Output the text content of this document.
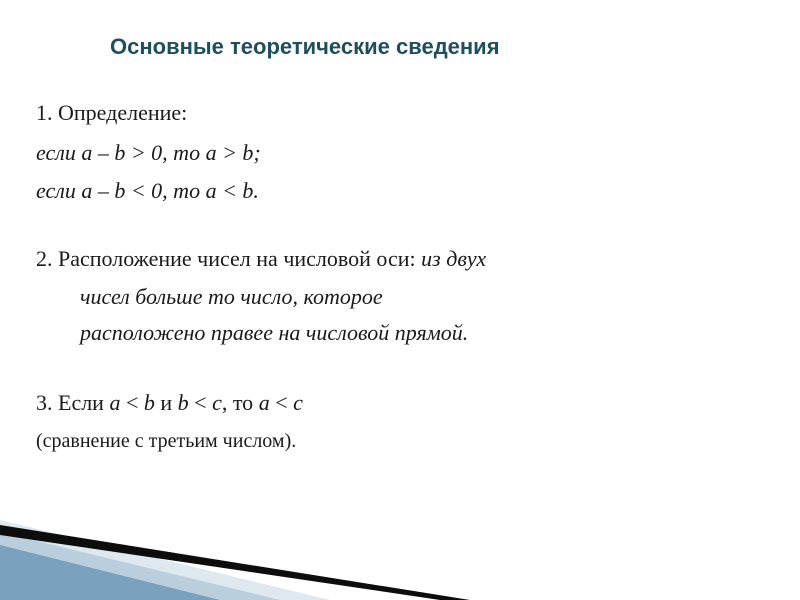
Основные теоретические сведения
1. Определение:
если а – b > 0, то а > b;
если а – b < 0, то а < b.
2. Расположение чисел на числовой оси: из двух
чисел больше то число, которое
расположено правее на числовой прямой.
3. Если а < b и b < c, то а < c
(сравнение с третьим числом).
